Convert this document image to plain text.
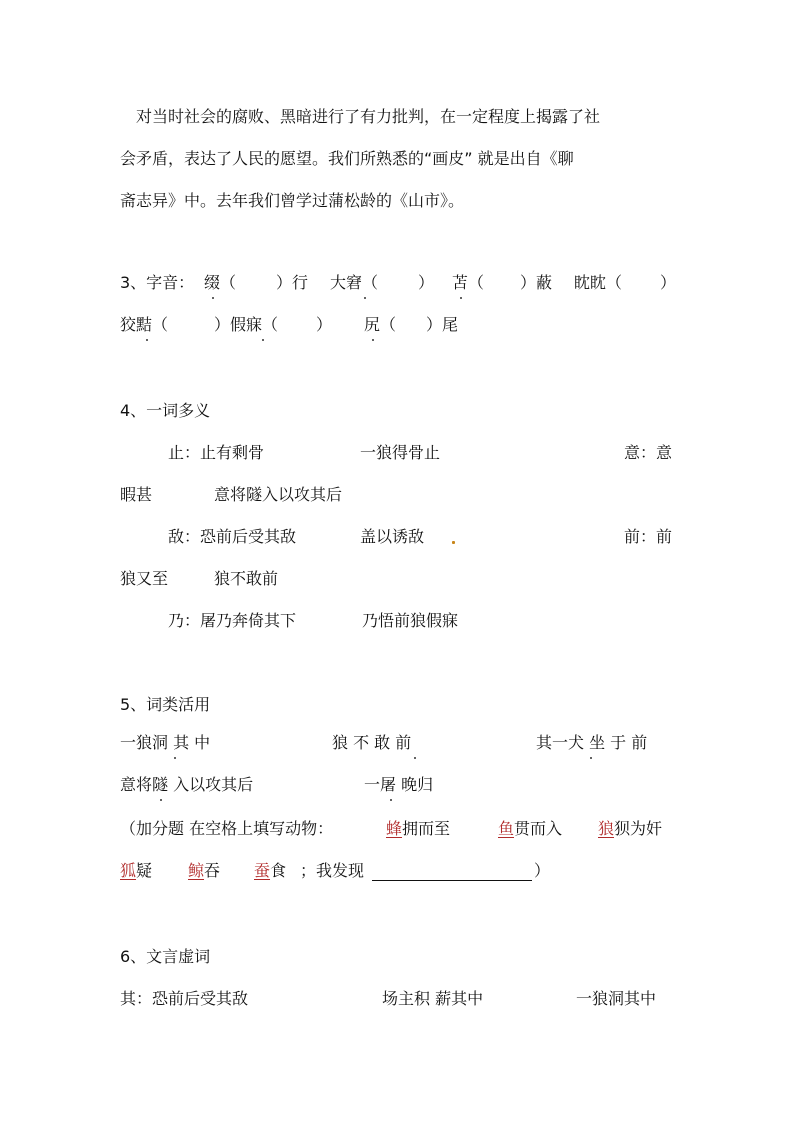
对当时社会的腐败、黑暗进行了有力批判，在一定程度上揭露了社
会矛盾，表达了人民的愿望。我们所熟悉的“画皮” 就是出自《聊
斋志异》中。去年我们曾学过蒲松龄的《山市》。
3、字音： 缀（ ）行 大窘（ ） 苫（ ）蔽 眈眈（ ）
狡黠（	）假寐（ ） 尻（ ）尾
4、一词多义
止：止有剩骨	一狼得骨止	意：意
暇甚	意将隧入以攻其后
敌：恐前后受其敌	盖以诱敌	前：前
狼又至	狼不敢前
乃：屠乃奔倚其下	乃悟前狼假寐
5、词类活用
一狼洞 其 中	狼 不 敢 前	其一犬 坐 于 前
意将隧 入以攻其后	一屠 晚归
（加分题 在空格上填写动物：	蜂拥而至	鱼贯而入 狼狈为奸
狐疑 鲸吞 蚕食 ；我发现	）
6、文言虚词
其：恐前后受其敌	场主积 薪其中	一狼洞其中
